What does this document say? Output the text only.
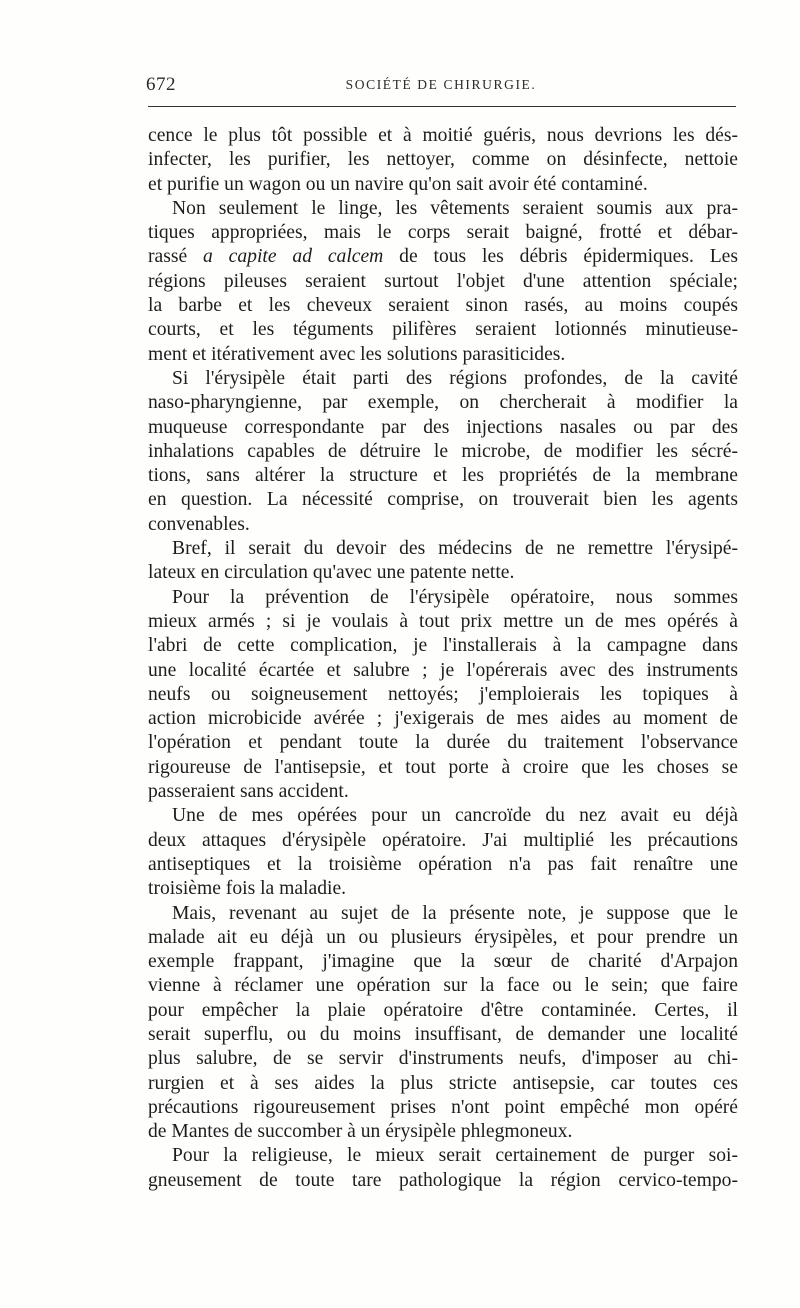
672	SOCIÉTÉ DE CHIRURGIE.
cence le plus tôt possible et à moitié guéris, nous devrions les dés-
infecter, les purifier, les nettoyer, comme on désinfecte, nettoie
et purifie un wagon ou un navire qu'on sait avoir été contaminé.
Non seulement le linge, les vêtements seraient soumis aux pra-
tiques appropriées, mais le corps serait baigné, frotté et débar-
rassé a capite ad calcem de tous les débris épidermiques. Les
régions pileuses seraient surtout l'objet d'une attention spéciale;
la barbe et les cheveux seraient sinon rasés, au moins coupés
courts, et les téguments pilifères seraient lotionnés minutieuse-
ment et itérativement avec les solutions parasiticides.
Si l'érysipèle était parti des régions profondes, de la cavité
naso-pharyngienne, par exemple, on chercherait à modifier la
muqueuse correspondante par des injections nasales ou par des
inhalations capables de détruire le microbe, de modifier les sécré-
tions, sans altérer la structure et les propriétés de la membrane
en question. La nécessité comprise, on trouverait bien les agents
convenables.
Bref, il serait du devoir des médecins de ne remettre l'érysipé-
lateux en circulation qu'avec une patente nette.
Pour la prévention de l'érysipèle opératoire, nous sommes
mieux armés ; si je voulais à tout prix mettre un de mes opérés à
l'abri de cette complication, je l'installerais à la campagne dans
une localité écartée et salubre ; je l'opérerais avec des instruments
neufs ou soigneusement nettoyés; j'emploierais les topiques à
action microbicide avérée ; j'exigerais de mes aides au moment de
l'opération et pendant toute la durée du traitement l'observance
rigoureuse de l'antisepsie, et tout porte à croire que les choses se
passeraient sans accident.
Une de mes opérées pour un cancroïde du nez avait eu déjà
deux attaques d'érysipèle opératoire. J'ai multiplié les précautions
antiseptiques et la troisième opération n'a pas fait renaître une
troisième fois la maladie.
Mais, revenant au sujet de la présente note, je suppose que le
malade ait eu déjà un ou plusieurs érysipèles, et pour prendre un
exemple frappant, j'imagine que la sœur de charité d'Arpajon
vienne à réclamer une opération sur la face ou le sein; que faire
pour empêcher la plaie opératoire d'être contaminée. Certes, il
serait superflu, ou du moins insuffisant, de demander une localité
plus salubre, de se servir d'instruments neufs, d'imposer au chi-
rurgien et à ses aides la plus stricte antisepsie, car toutes ces
précautions rigoureusement prises n'ont point empêché mon opéré
de Mantes de succomber à un érysipèle phlegmoneux.
Pour la religieuse, le mieux serait certainement de purger soi-
gneusement de toute tare pathologique la région cervico-tempo-
